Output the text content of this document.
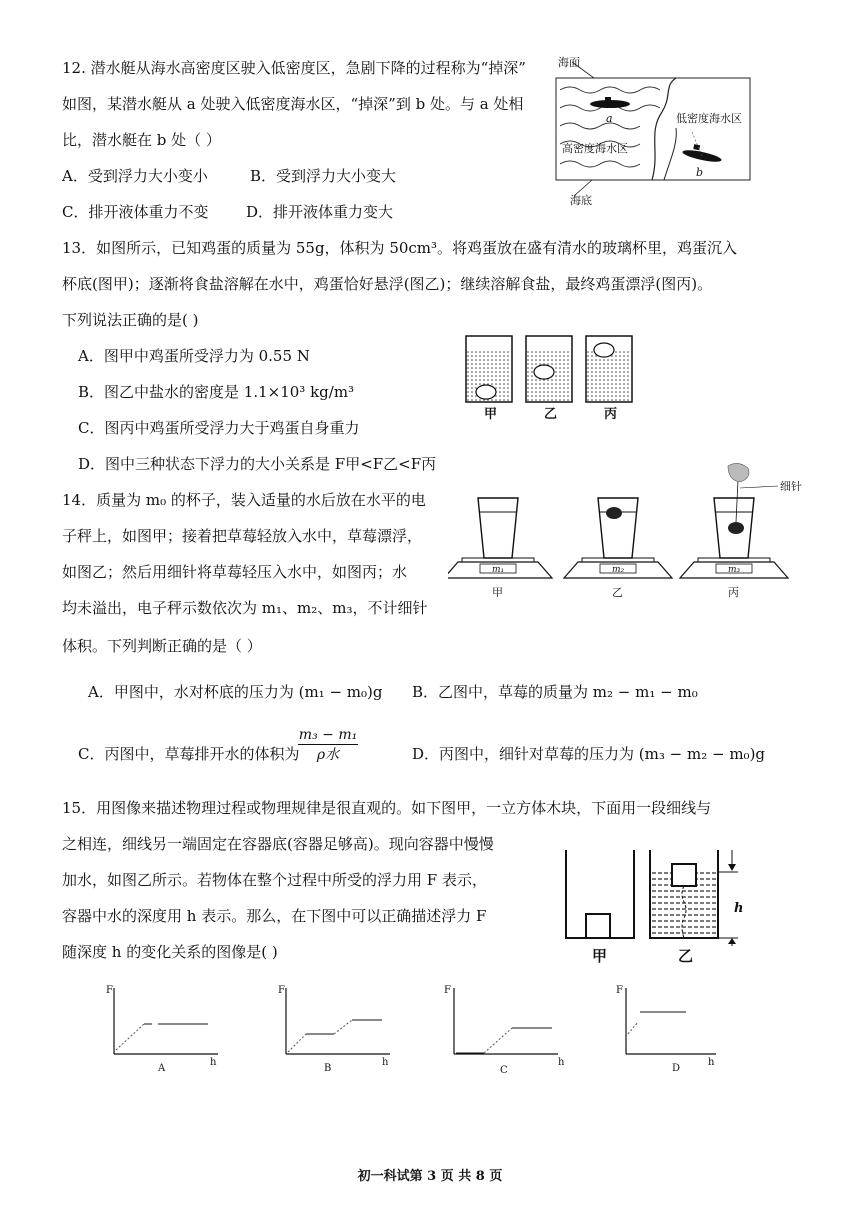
12. 潜水艇从海水高密度区驶入低密度区，急剧下降的过程称为“掉深”
如图，某潜水艇从 a 处驶入低密度海水区，“掉深”到 b 处。与 a 处相
比，潜水艇在 b 处（ ）
A．受到浮力大小变小	B．受到浮力大小变大
C．排开液体重力不变	D．排开液体重力变大
海面
低密度海水区
高密度海水区
海底
a
b
13．如图所示，已知鸡蛋的质量为 55g，体积为 50cm³。将鸡蛋放在盛有清水的玻璃杯里，鸡蛋沉入
杯底(图甲)；逐渐将食盐溶解在水中，鸡蛋恰好悬浮(图乙)；继续溶解食盐，最终鸡蛋漂浮(图丙)。
下列说法正确的是( )
A．图甲中鸡蛋所受浮力为 0.55 N
B．图乙中盐水的密度是 1.1×10³ kg/m³
C．图丙中鸡蛋所受浮力大于鸡蛋自身重力
D．图中三种状态下浮力的大小关系是 F甲<F乙<F丙
甲	乙	丙
14．质量为 m₀ 的杯子，装入适量的水后放在水平的电
子秤上，如图甲；接着把草莓轻放入水中，草莓漂浮，
如图乙；然后用细针将草莓轻压入水中，如图丙；水
均未溢出，电子秤示数依次为 m₁、m₂、m₃，不计细针
体积。下列判断正确的是（ ）
细针
m₁	m₂	m₃
甲	乙	丙
A．甲图中，水对杯底的压力为 (m₁ − m₀)g B．乙图中，草莓的质量为 m₂ − m₁ − m₀
C．丙图中，草莓排开水的体积为
m₃ − m₁
ρ水	D．丙图中，细针对草莓的压力为 (m₃ − m₂ − m₀)g
15．用图像来描述物理过程或物理规律是很直观的。如下图甲，一立方体木块，下面用一段细线与
之相连，细线另一端固定在容器底(容器足够高)。现向容器中慢慢
加水，如图乙所示。若物体在整个过程中所受的浮力用 F 表示，
容器中水的深度用 h 表示。那么，在下图中可以正确描述浮力 F
随深度 h 的变化关系的图像是( )
h
甲	乙
F
h
A
F
h
B
F
h
C
F
h
D
初一科试第 3 页 共 8 页
